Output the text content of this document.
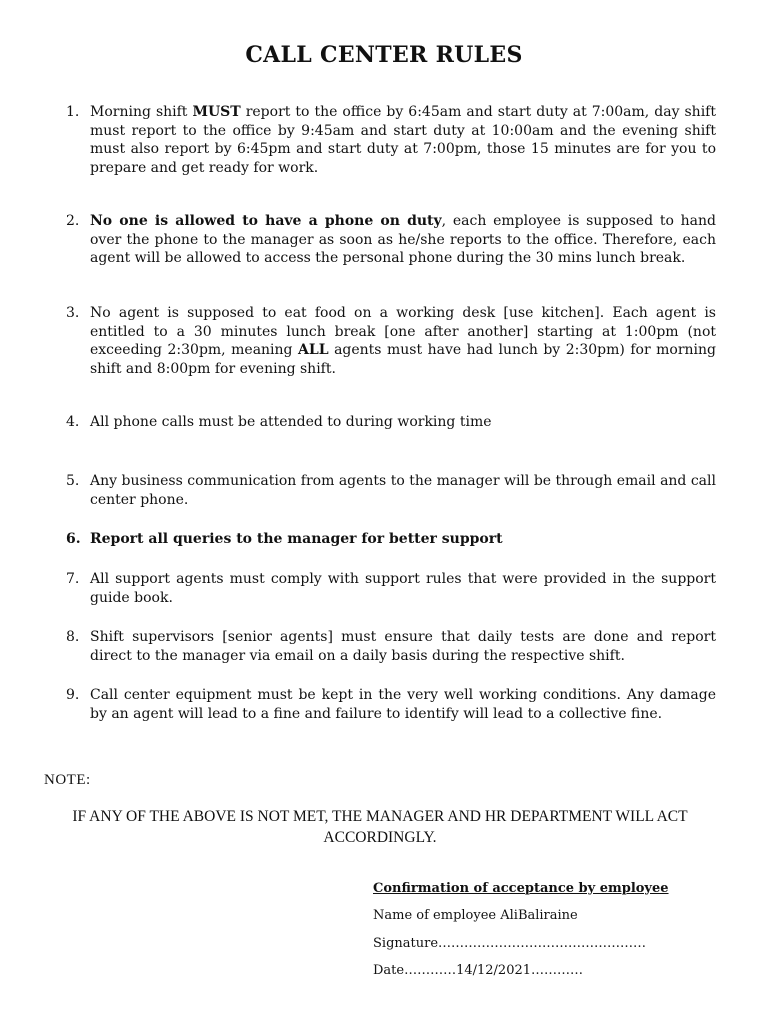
CALL CENTER RULES
1. Morning shift MUST report to the office by 6:45am and start duty at 7:00am, day shift must report to the office by 9:45am and start duty at 10:00am and the evening shift must also report by 6:45pm and start duty at 7:00pm, those 15 minutes are for you to prepare and get ready for work.
2. No one is allowed to have a phone on duty, each employee is supposed to hand over the phone to the manager as soon as he/she reports to the office. Therefore, each agent will be allowed to access the personal phone during the 30 mins lunch break.
3. No agent is supposed to eat food on a working desk [use kitchen]. Each agent is entitled to a 30 minutes lunch break [one after another] starting at 1:00pm (not exceeding 2:30pm, meaning ALL agents must have had lunch by 2:30pm) for morning shift and 8:00pm for evening shift.
4. All phone calls must be attended to during working time
5. Any business communication from agents to the manager will be through email and call center phone.
6. Report all queries to the manager for better support
7. All support agents must comply with support rules that were provided in the support guide book.
8. Shift supervisors [senior agents] must ensure that daily tests are done and report direct to the manager via email on a daily basis during the respective shift.
9. Call center equipment must be kept in the very well working conditions. Any damage by an agent will lead to a fine and failure to identify will lead to a collective fine.
NOTE:
IF ANY OF THE ABOVE IS NOT MET, THE MANAGER AND HR DEPARTMENT WILL ACT ACCORDINGLY.
Confirmation of acceptance by employee
Name of employee AliBaliraine
Signature…………………………………………
Date…………14/12/2021…………
